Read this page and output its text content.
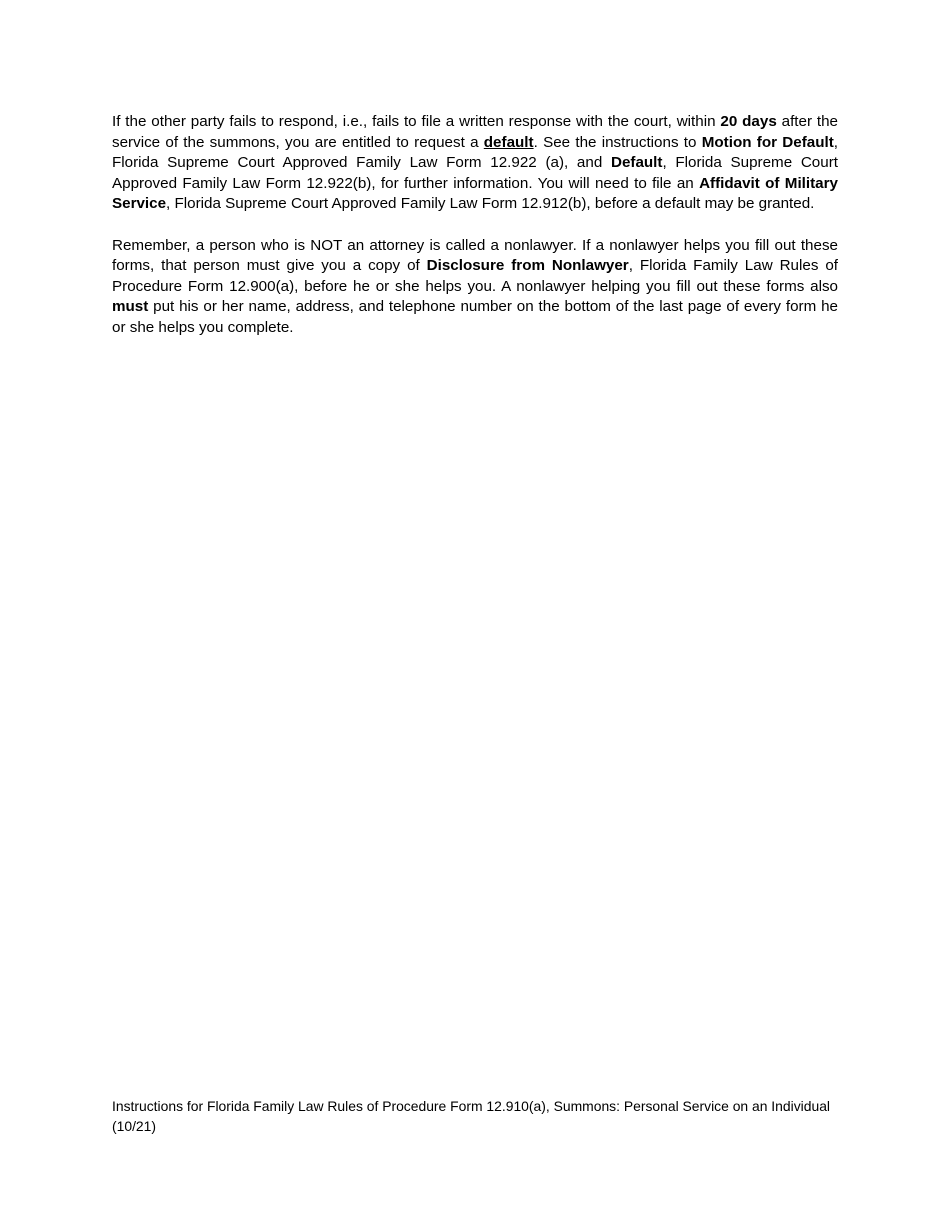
If the other party fails to respond, i.e., fails to file a written response with the court, within 20 days after the service of the summons, you are entitled to request a default. See the instructions to Motion for Default, Florida Supreme Court Approved Family Law Form 12.922 (a), and Default, Florida Supreme Court Approved Family Law Form 12.922(b), for further information. You will need to file an Affidavit of Military Service, Florida Supreme Court Approved Family Law Form 12.912(b), before a default may be granted.

Remember, a person who is NOT an attorney is called a nonlawyer. If a nonlawyer helps you fill out these forms, that person must give you a copy of Disclosure from Nonlawyer, Florida Family Law Rules of Procedure Form 12.900(a), before he or she helps you. A nonlawyer helping you fill out these forms also must put his or her name, address, and telephone number on the bottom of the last page of every form he or she helps you complete.

Instructions for Florida Family Law Rules of Procedure Form 12.910(a), Summons: Personal Service on an Individual (10/21)
